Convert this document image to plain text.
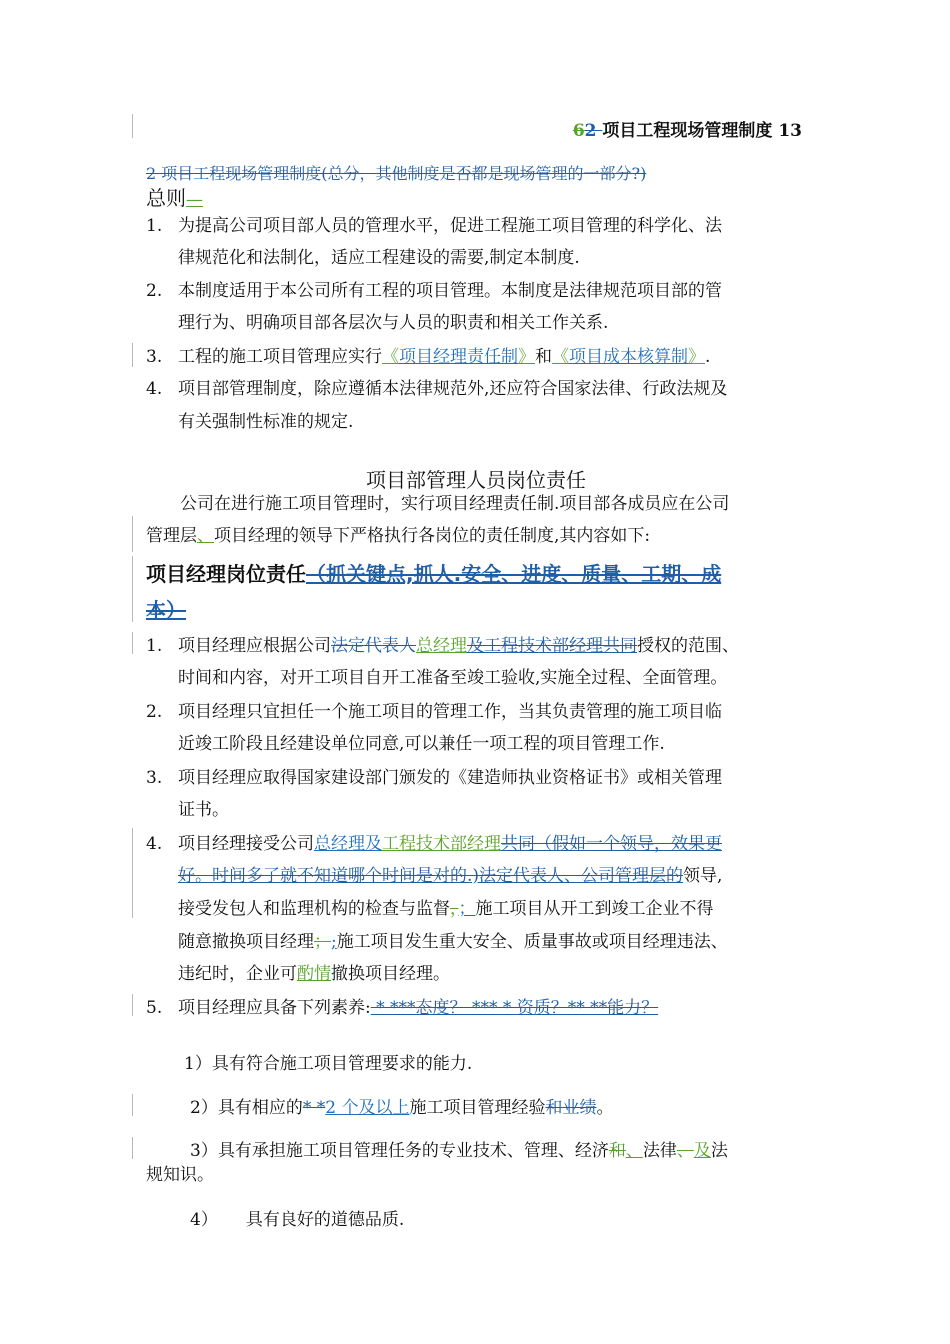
62 项目工程现场管理制度 13
2 项目工程现场管理制度(总分，其他制度是否都是现场管理的一部分?)
总则—
1. 为提高公司项目部人员的管理水平，促进工程施工项目管理的科学化、法
律规范化和法制化，适应工程建设的需要,制定本制度.
2. 本制度适用于本公司所有工程的项目管理。本制度是法律规范项目部的管
理行为、明确项目部各层次与人员的职责和相关工作关系.
3. 工程的施工项目管理应实行《项目经理责任制》和《项目成本核算制》.
4. 项目部管理制度，除应遵循本法律规范外,还应符合国家法律、行政法规及
有关强制性标准的规定.
项目部管理人员岗位责任
公司在进行施工项目管理时，实行项目经理责任制.项目部各成员应在公司
管理层、项目经理的领导下严格执行各岗位的责任制度,其内容如下:
项目经理岗位责任（抓关键点,抓人.安全、进度、质量、工期、成
本）
1. 项目经理应根据公司法定代表人总经理及工程技术部经理共同授权的范围、
时间和内容，对开工项目自开工准备至竣工验收,实施全过程、全面管理。
2. 项目经理只宜担任一个施工项目的管理工作，当其负责管理的施工项目临
近竣工阶段且经建设单位同意,可以兼任一项工程的项目管理工作.
3. 项目经理应取得国家建设部门颁发的《建造师执业资格证书》或相关管理
证书。
4. 项目经理接受公司总经理及工程技术部经理共同（假如一个领导，效果更
好。时间多了就不知道哪个时间是对的.)法定代表人、公司管理层的领导,
接受发包人和监理机构的检查与监督，；施工项目从开工到竣工企业不得
随意撤换项目经理；;施工项目发生重大安全、质量事故或项目经理违法、
违纪时，企业可酌情撤换项目经理。
5. 项目经理应具备下列素养: * ***态度？ *** * 资质？** **能力？
1）具有符合施工项目管理要求的能力.
2）具有相应的* *2 个及以上施工项目管理经验和业绩。
3）具有承担施工项目管理任务的专业技术、管理、经济和、法律、及法
规知识。
4） 具有良好的道德品质.
